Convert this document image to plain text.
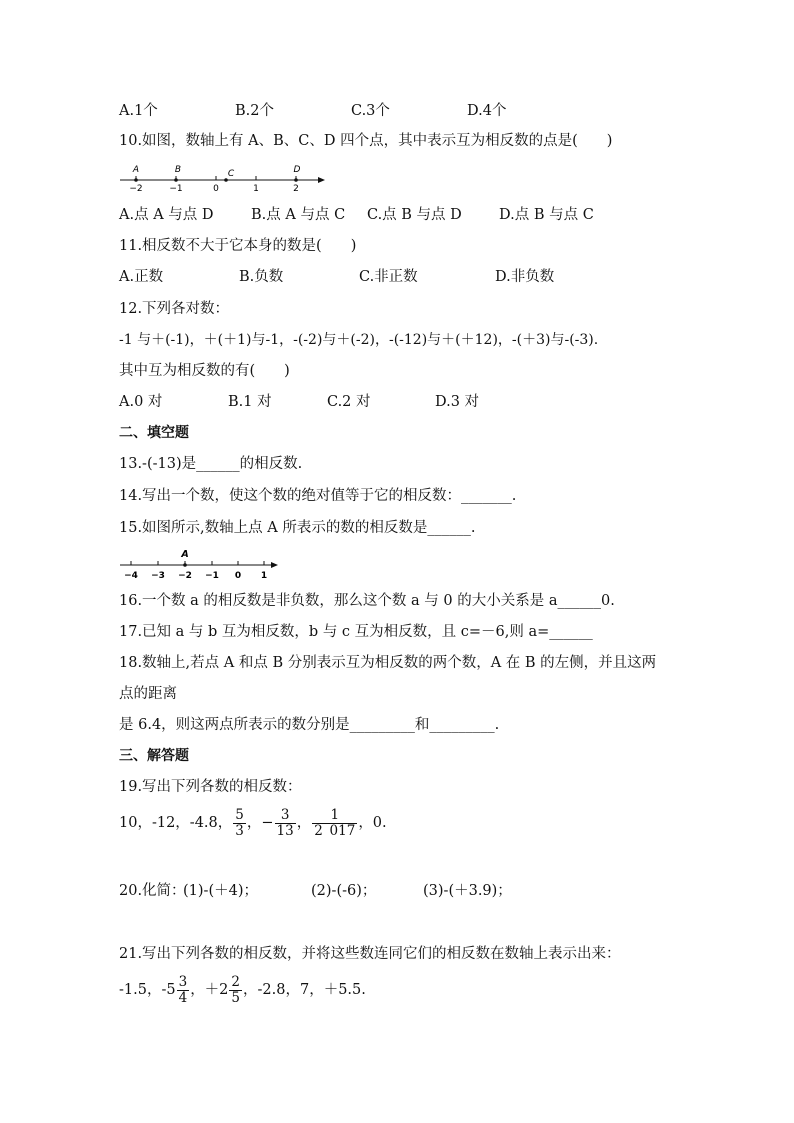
A.1个	B.2个	C.3个	D.4个
10.如图，数轴上有 A、B、C、D 四个点，其中表示互为相反数的点是(　　)
A	B	C	D
−2	−1	0	1	2
A.点 A 与点 D	B.点 A 与点 C C.点 B 与点 D	D.点 B 与点 C
11.相反数不大于它本身的数是(　　)
A.正数	B.负数	C.非正数	D.非负数
12.下列各对数：
-1 与＋(-1)，＋(＋1)与-1，-(-2)与＋(-2)，-(-12)与＋(＋12)，-(＋3)与-(-3).
其中互为相反数的有(　　)
A.0 对	B.1 对	C.2 对	D.3 对
二、填空题
13.-(-13)是______的相反数.
14.写出一个数，使这个数的绝对值等于它的相反数：_______.
15.如图所示,数轴上点 A 所表示的数的相反数是______.
A
−4 −3 −2 −1 0 1
16.一个数 a 的相反数是非负数，那么这个数 a 与 0 的大小关系是 a______0.
17.已知 a 与 b 互为相反数，b 与 c 互为相反数，且 c=－6,则 a=______
18.数轴上,若点 A 和点 B 分别表示互为相反数的两个数，A 在 B 的左侧，并且这两
点的距离
是 6.4，则这两点所表示的数分别是_________和_________.
三、解答题
19.写出下列各数的相反数：
10，-12，-4.8， $\frac{5}{3}$ ，− $\frac{3}{13}$ ， $\frac{1}{2 017}$ ，0.
20.化简：
(1)-(＋4)；	(2)-(-6)；	(3)-(＋3.9)；
21.写出下列各数的相反数，并将这些数连同它们的相反数在数轴上表示出来：
-1.5，$-5 \frac{3}{4}$ ，$+2 \frac{2}{5}$ ，-2.8，7，＋5.5.
